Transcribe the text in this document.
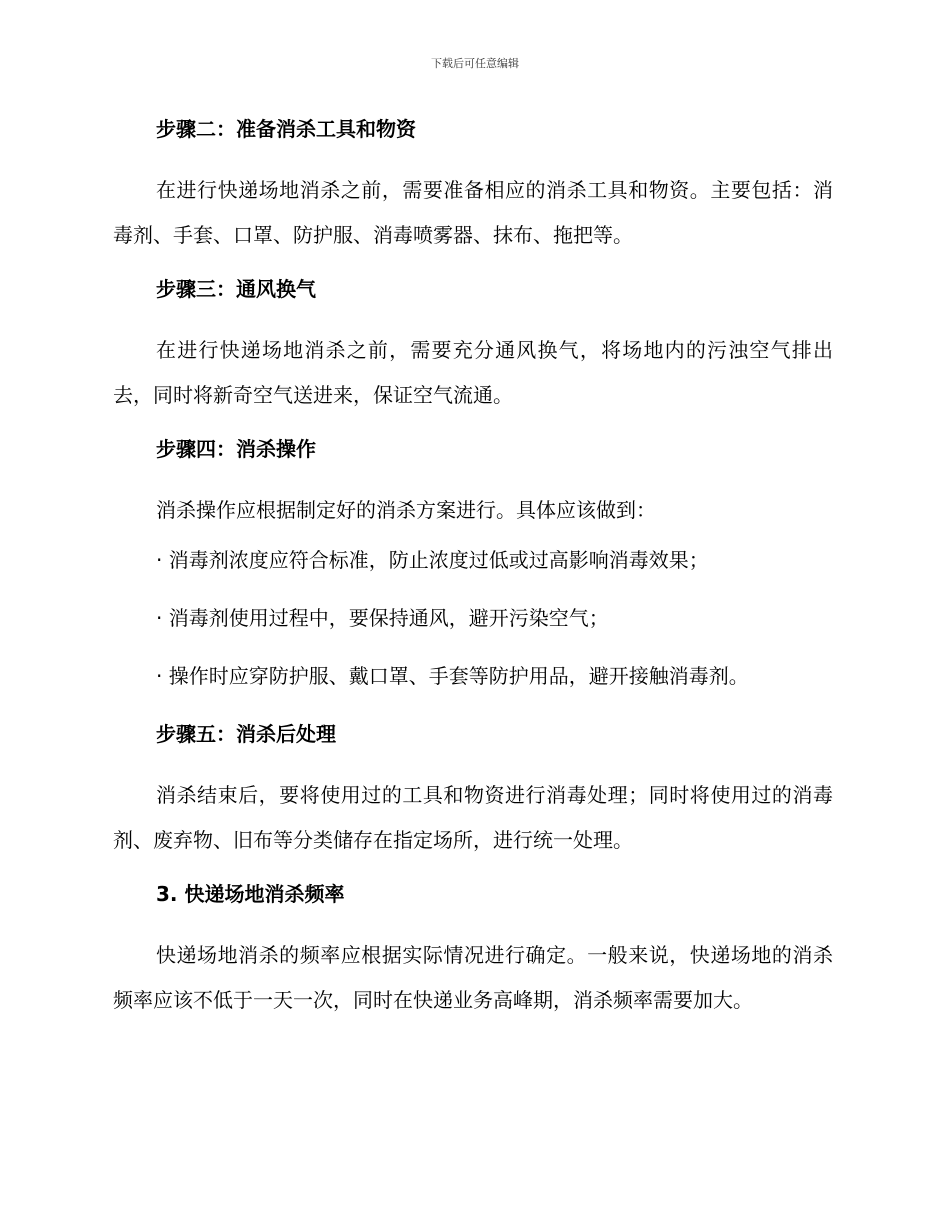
下载后可任意编辑
步骤二：准备消杀工具和物资

在进行快递场地消杀之前，需要准备相应的消杀工具和物资。主要包括：消毒剂、手套、口罩、防护服、消毒喷雾器、抹布、拖把等。

步骤三：通风换气

在进行快递场地消杀之前，需要充分通风换气，将场地内的污浊空气排出去，同时将新奇空气送进来，保证空气流通。

步骤四：消杀操作

消杀操作应根据制定好的消杀方案进行。具体应该做到：

· 消毒剂浓度应符合标准，防止浓度过低或过高影响消毒效果；
· 消毒剂使用过程中，要保持通风，避开污染空气；
· 操作时应穿防护服、戴口罩、手套等防护用品，避开接触消毒剂。
步骤五：消杀后处理

消杀结束后，要将使用过的工具和物资进行消毒处理；同时将使用过的消毒剂、废弃物、旧布等分类储存在指定场所，进行统一处理。

3. 快递场地消杀频率

快递场地消杀的频率应根据实际情况进行确定。一般来说，快递场地的消杀频率应该不低于一天一次，同时在快递业务高峰期，消杀频率需要加大。
